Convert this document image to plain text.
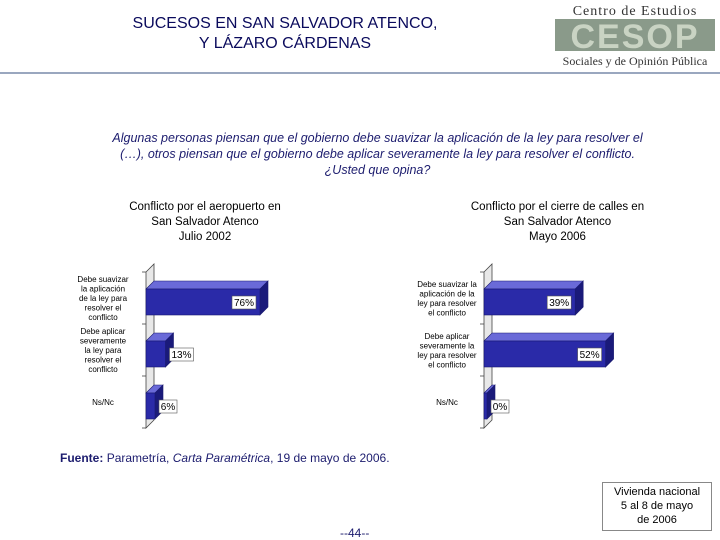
SUCESOS EN SAN SALVADOR ATENCO,
Y LÁZARO CÁRDENAS
Centro de Estudios
CESOP
Sociales y de Opinión Pública
Algunas personas piensan que el gobierno debe suavizar la aplicación de la ley para resolver el (…), otros piensan que el gobierno debe aplicar severamente la ley para resolver el conflicto. ¿Usted que opina?
Conflicto por el aeropuerto en
San Salvador Atenco
Julio 2002
Conflicto por el cierre de calles en
San Salvador Atenco
Mayo 2006
76%
Debe suavizar la aplicación de la ley para resolver el conflicto
13%
Debe aplicar severamente la ley para resolver el conflicto
6%
Ns/Nc
39%
Debe suavizar la aplicación de la ley para resolver el conflicto
52%
Debe aplicar severamente la ley para resolver el conflicto
0%
Ns/Nc
Fuente: Parametría, Carta Paramétrica, 19 de mayo de 2006.
--44--
Vivienda nacional
5 al 8 de mayo
de 2006
